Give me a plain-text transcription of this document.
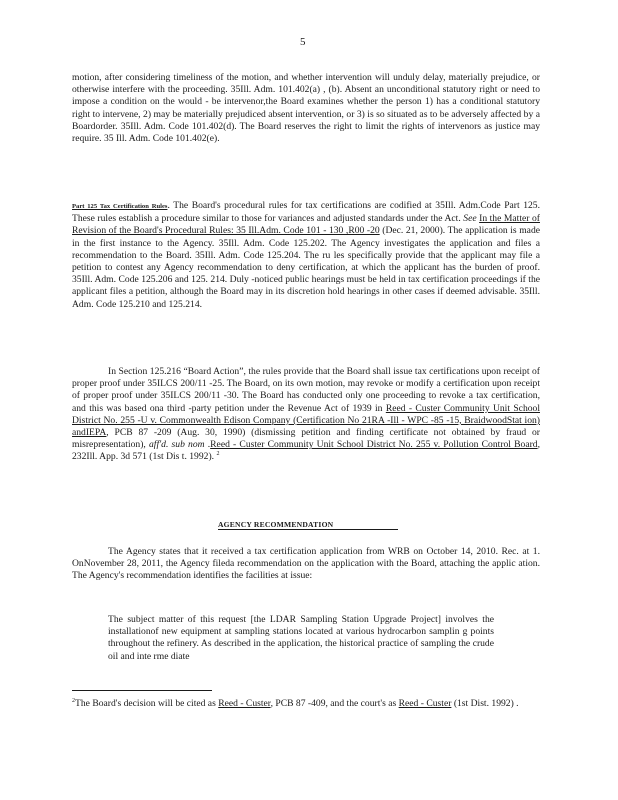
5

motion, after considering timeliness of the motion, and whether intervention will unduly delay, materially prejudice, or otherwise interfere with the proceeding. 35Ill. Adm. 101.402(a) , (b). Absent an unconditional statutory right or need to impose a condition on the would - be intervenor,the Board examines whether the person 1) has a conditional statutory right to intervene, 2) may be materially prejudiced absent intervention, or 3) is so situated as to be adversely affected by a Boardorder. 35Ill. Adm. Code 101.402(d). The Board reserves the right to limit the rights of intervenors as justice may require. 35 Ill. Adm. Code 101.402(e).

Part 125 Tax Certification Rules. The Board's procedural rules for tax certifications are codified at 35Ill. Adm.Code Part 125. These rules establish a procedure similar to those for variances and adjusted standards under the Act. See In the Matter of Revision of the Board's Procedural Rules: 35 Ill.Adm. Code 101 - 130 ,R00 -20 (Dec. 21, 2000). The application is made in the first instance to the Agency. 35Ill. Adm. Code 125.202. The Agency investigates the application and files a recommendation to the Board. 35Ill. Adm. Code 125.204. The ru les specifically provide that the applicant may file a petition to contest any Agency recommendation to deny certification, at which the applicant has the burden of proof. 35Ill. Adm. Code 125.206 and 125. 214. Duly -noticed public hearings must be held in tax certification proceedings if the applicant files a petition, although the Board may in its discretion hold hearings in other cases if deemed advisable. 35Ill. Adm. Code 125.210 and 125.214.

In Section 125.216 “Board Action”, the rules provide that the Board shall issue tax certifications upon receipt of proper proof under 35ILCS 200/11 -25. The Board, on its own motion, may revoke or modify a certification upon receipt of proper proof under 35ILCS 200/11 -30. The Board has conducted only one proceeding to revoke a tax certification, and this was based ona third -party petition under the Revenue Act of 1939 in Reed - Custer Community Unit School District No. 255 -U v. Commonwealth Edison Company (Certification No 21RA -Ill - WPC -85 -15, BraidwoodStat ion) andIEPA, PCB 87 -209 (Aug. 30, 1990) (dismissing petition and finding certificate not obtained by fraud or misrepresentation), aff'd. sub nom .Reed - Custer Community Unit School District No. 255 v. Pollution Control Board, 232Ill. App. 3d 571 (1st Dis t. 1992). $^2$

AGENCY RECOMMENDATION

The Agency states that it received a tax certification application from WRB on October 14, 2010. Rec. at 1. OnNovember 28, 2011, the Agency fileda recommendation on the application with the Board, attaching the applic ation. The Agency's recommendation identifies the facilities at issue:

The subject matter of this request [the LDAR Sampling Station Upgrade Project] involves the installationof new equipment at sampling stations located at various hydrocarbon samplin g points throughout the refinery. As described in the application, the historical practice of sampling the crude oil and inte rme diate

$^2$The Board's decision will be cited as Reed - Custer, PCB 87 -409, and the court's as Reed - Custer (1st Dist. 1992) .
